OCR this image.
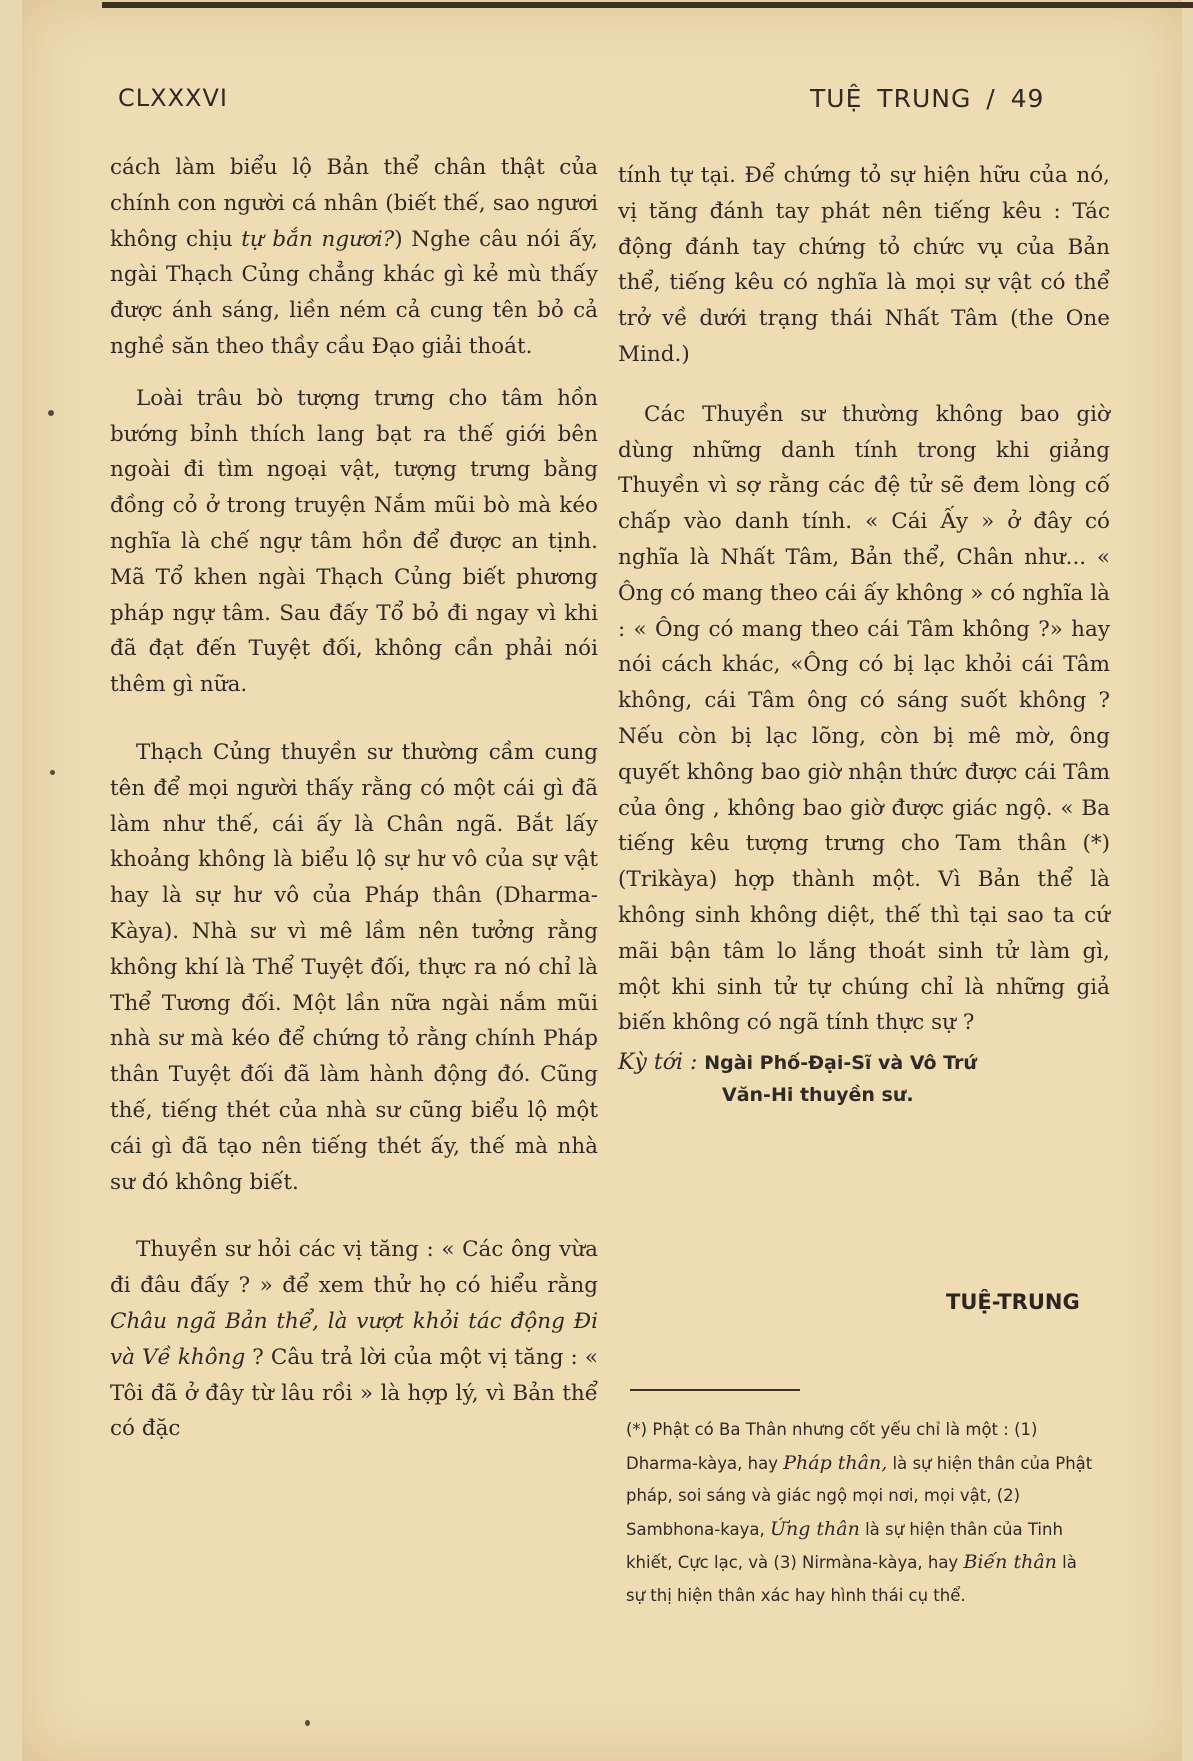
CLXXXVI	TUỆ TRUNG / 49

cách làm biểu lộ Bản thể chân thật của chính con người cá nhân (biết thế, sao ngươi không chịu tự bắn ngươi?) Nghe câu nói ấy, ngài Thạch Củng chẳng khác gì kẻ mù thấy được ánh sáng, liền ném cả cung tên bỏ cả nghề săn theo thầy cầu Đạo giải thoát.

Loài trâu bò tượng trưng cho tâm hồn bướng bỉnh thích lang bạt ra thế giới bên ngoài đi tìm ngoại vật, tượng trưng bằng đồng cỏ ở trong truyện Nắm mũi bò mà kéo nghĩa là chế ngự tâm hồn để được an tịnh. Mã Tổ khen ngài Thạch Củng biết phương pháp ngự tâm. Sau đấy Tổ bỏ đi ngay vì khi đã đạt đến Tuyệt đối, không cần phải nói thêm gì nữa.

Thạch Củng thuyền sư thường cầm cung tên để mọi người thấy rằng có một cái gì đã làm như thế, cái ấy là Chân ngã. Bắt lấy khoảng không là biểu lộ sự hư vô của sự vật hay là sự hư vô của Pháp thân (Dharma-Kàya). Nhà sư vì mê lầm nên tưởng rằng không khí là Thể Tuyệt đối, thực ra nó chỉ là Thể Tương đối. Một lần nữa ngài nắm mũi nhà sư mà kéo để chứng tỏ rằng chính Pháp thân Tuyệt đối đã làm hành động đó. Cũng thế, tiếng thét của nhà sư cũng biểu lộ một cái gì đã tạo nên tiếng thét ấy, thế mà nhà sư đó không biết.

Thuyền sư hỏi các vị tăng : « Các ông vừa đi đâu đấy ? » để xem thử họ có hiểu rằng Châu ngã Bản thể, là vượt khỏi tác động Đi và Về không ? Câu trả lời của một vị tăng : « Tôi đã ở đây từ lâu rồi » là hợp lý, vì Bản thể có đặc

tính tự tại. Để chứng tỏ sự hiện hữu của nó, vị tăng đánh tay phát nên tiếng kêu : Tác động đánh tay chứng tỏ chức vụ của Bản thể, tiếng kêu có nghĩa là mọi sự vật có thể trở về dưới trạng thái Nhất Tâm (the One Mind.)

Các Thuyền sư thường không bao giờ dùng những danh tính trong khi giảng Thuyền vì sợ rằng các đệ tử sẽ đem lòng cố chấp vào danh tính. « Cái Ấy » ở đây có nghĩa là Nhất Tâm, Bản thể, Chân như... « Ông có mang theo cái ấy không » có nghĩa là : « Ông có mang theo cái Tâm không ?» hay nói cách khác, «Ông có bị lạc khỏi cái Tâm không, cái Tâm ông có sáng suốt không ? Nếu còn bị lạc lõng, còn bị mê mờ, ông quyết không bao giờ nhận thức được cái Tâm của ông , không bao giờ được giác ngộ. « Ba tiếng kêu tượng trưng cho Tam thân (*) (Trikàya) hợp thành một. Vì Bản thể là không sinh không diệt, thế thì tại sao ta cứ mãi bận tâm lo lắng thoát sinh tử làm gì, một khi sinh tử tự chúng chỉ là những giả biến không có ngã tính thực sự ?

Kỳ tới : Ngài Phố-Đại-Sĩ và Vô Trứ
Văn-Hi thuyền sư.
TUỆ-TRUNG

(*) Phật có Ba Thân nhưng cốt yếu chỉ là một : (1) Dharma-kàya, hay Pháp thân, là sự hiện thân của Phật pháp, soi sáng và giác ngộ mọi nơi, mọi vật, (2) Sambhona-kaya, Ứng thân là sự hiện thân của Tinh khiết, Cực lạc, và (3) Nirmàna-kàya, hay Biến thân là sự thị hiện thân xác hay hình thái cụ thể.
